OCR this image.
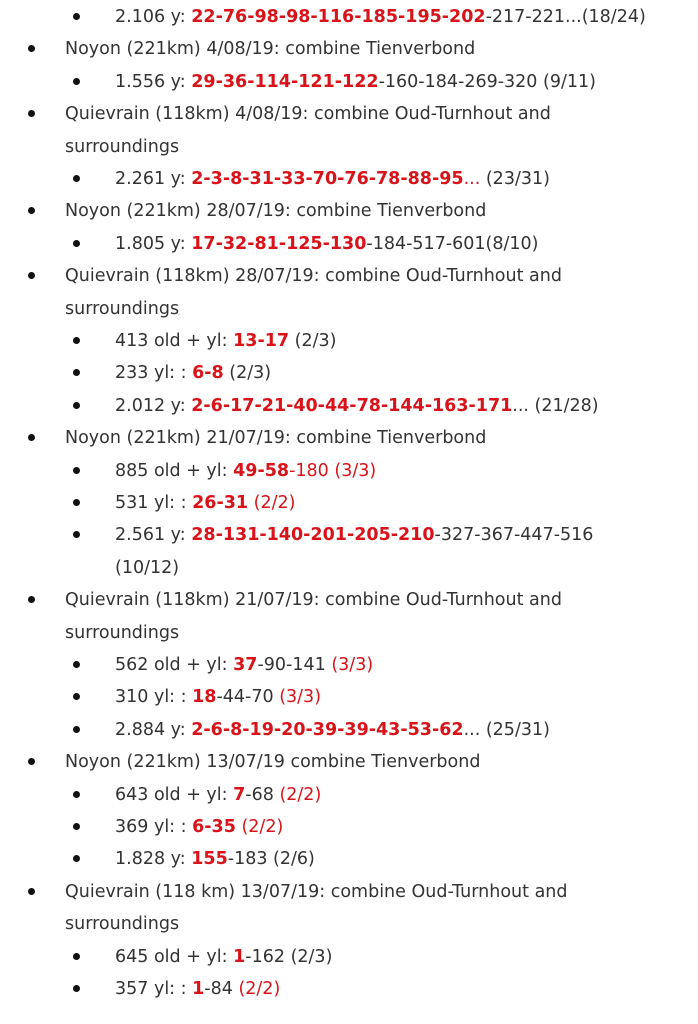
2.106 y: 22-76-98-98-116-185-195-202-217-221...(18/24)
Noyon (221km) 4/08/19: combine Tienverbond
1.556 y: 29-36-114-121-122-160-184-269-320 (9/11)
Quievrain (118km) 4/08/19: combine Oud-Turnhout and
surroundings
2.261 y: 2-3-8-31-33-70-76-78-88-95... (23/31)
Noyon (221km) 28/07/19: combine Tienverbond
1.805 y: 17-32-81-125-130-184-517-601(8/10)
Quievrain (118km) 28/07/19: combine Oud-Turnhout and
surroundings
413 old + yl: 13-17 (2/3)
233 yl: : 6-8 (2/3)
2.012 y: 2-6-17-21-40-44-78-144-163-171... (21/28)
Noyon (221km) 21/07/19: combine Tienverbond
885 old + yl: 49-58-180 (3/3)
531 yl: : 26-31 (2/2)
2.561 y: 28-131-140-201-205-210-327-367-447-516
(10/12)
Quievrain (118km) 21/07/19: combine Oud-Turnhout and
surroundings
562 old + yl: 37-90-141 (3/3)
310 yl: : 18-44-70 (3/3)
2.884 y: 2-6-8-19-20-39-39-43-53-62... (25/31)
Noyon (221km) 13/07/19 combine Tienverbond
643 old + yl: 7-68 (2/2)
369 yl: : 6-35 (2/2)
1.828 y: 155-183 (2/6)
Quievrain (118 km) 13/07/19: combine Oud-Turnhout and
surroundings
645 old + yl: 1-162 (2/3)
357 yl: : 1-84 (2/2)
